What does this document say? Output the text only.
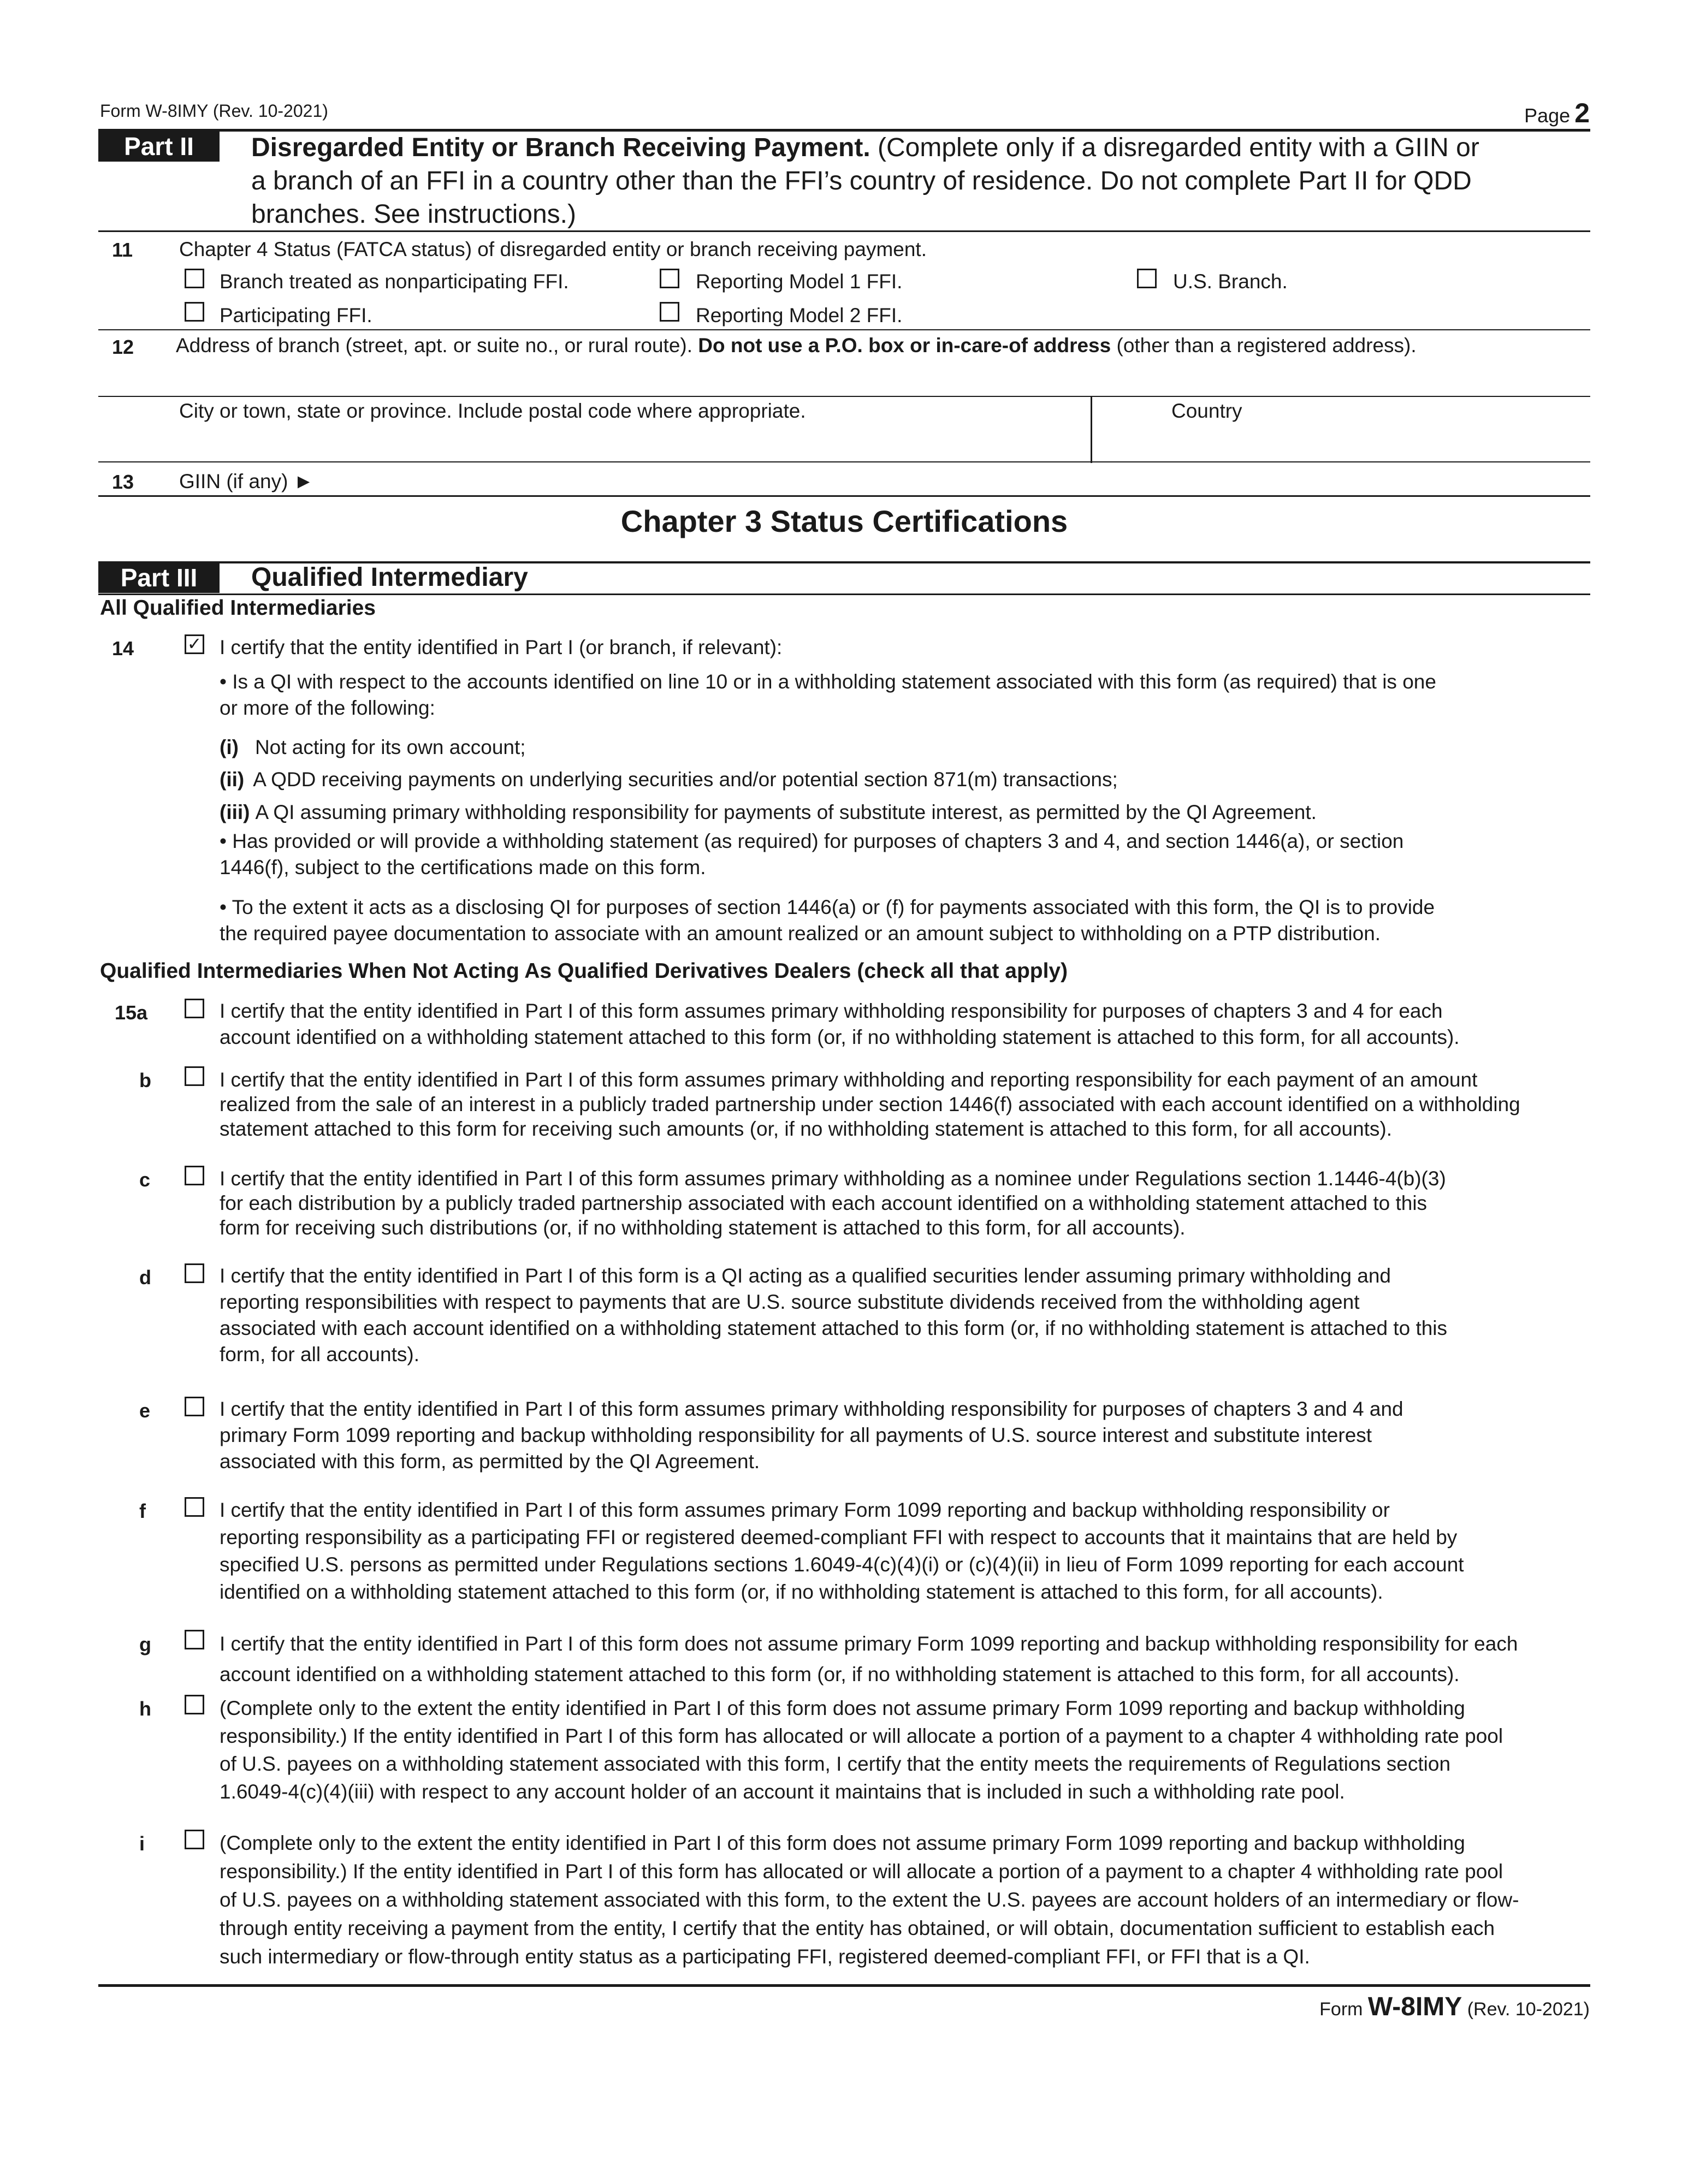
Form W-8IMY (Rev. 10-2021)	Page 2
Part II	Disregarded Entity or Branch Receiving Payment. (Complete only if a disregarded entity with a GIIN or
a branch of an FFI in a country other than the FFI’s country of residence. Do not complete Part II for QDD
branches. See instructions.)
11 Chapter 4 Status (FATCA status) of disregarded entity or branch receiving payment.
Branch treated as nonparticipating FFI.	Reporting Model 1 FFI.	U.S. Branch.
Participating FFI.	Reporting Model 2 FFI.
12 Address of branch (street, apt. or suite no., or rural route). Do not use a P.O. box or in-care-of address (other than a registered address).
City or town, state or province. Include postal code where appropriate.	Country
13 GIIN (if any) ►
Chapter 3 Status Certifications
Part III	Qualified Intermediary
All Qualified Intermediaries
14	✓ I certify that the entity identified in Part I (or branch, if relevant):
• Is a QI with respect to the accounts identified on line 10 or in a withholding statement associated with this form (as required) that is one
or more of the following:
(i) Not acting for its own account;
(ii) A QDD receiving payments on underlying securities and/or potential section 871(m) transactions;
(iii) A QI assuming primary withholding responsibility for payments of substitute interest, as permitted by the QI Agreement.
• Has provided or will provide a withholding statement (as required) for purposes of chapters 3 and 4, and section 1446(a), or section
1446(f), subject to the certifications made on this form.
• To the extent it acts as a disclosing QI for purposes of section 1446(a) or (f) for payments associated with this form, the QI is to provide
the required payee documentation to associate with an amount realized or an amount subject to withholding on a PTP distribution.
Qualified Intermediaries When Not Acting As Qualified Derivatives Dealers (check all that apply)
15a	I certify that the entity identified in Part I of this form assumes primary withholding responsibility for purposes of chapters 3 and 4 for each
account identified on a withholding statement attached to this form (or, if no withholding statement is attached to this form, for all accounts).
b	I certify that the entity identified in Part I of this form assumes primary withholding and reporting responsibility for each payment of an amount
realized from the sale of an interest in a publicly traded partnership under section 1446(f) associated with each account identified on a withholding
statement attached to this form for receiving such amounts (or, if no withholding statement is attached to this form, for all accounts).
c	I certify that the entity identified in Part I of this form assumes primary withholding as a nominee under Regulations section 1.1446-4(b)(3)
for each distribution by a publicly traded partnership associated with each account identified on a withholding statement attached to this
form for receiving such distributions (or, if no withholding statement is attached to this form, for all accounts).
d	I certify that the entity identified in Part I of this form is a QI acting as a qualified securities lender assuming primary withholding and
reporting responsibilities with respect to payments that are U.S. source substitute dividends received from the withholding agent
associated with each account identified on a withholding statement attached to this form (or, if no withholding statement is attached to this
form, for all accounts).
e	I certify that the entity identified in Part I of this form assumes primary withholding responsibility for purposes of chapters 3 and 4 and
primary Form 1099 reporting and backup withholding responsibility for all payments of U.S. source interest and substitute interest
associated with this form, as permitted by the QI Agreement.
f	I certify that the entity identified in Part I of this form assumes primary Form 1099 reporting and backup withholding responsibility or
reporting responsibility as a participating FFI or registered deemed-compliant FFI with respect to accounts that it maintains that are held by
specified U.S. persons as permitted under Regulations sections 1.6049-4(c)(4)(i) or (c)(4)(ii) in lieu of Form 1099 reporting for each account
identified on a withholding statement attached to this form (or, if no withholding statement is attached to this form, for all accounts).
g	I certify that the entity identified in Part I of this form does not assume primary Form 1099 reporting and backup withholding responsibility for each
account identified on a withholding statement attached to this form (or, if no withholding statement is attached to this form, for all accounts).
h	(Complete only to the extent the entity identified in Part I of this form does not assume primary Form 1099 reporting and backup withholding
responsibility.) If the entity identified in Part I of this form has allocated or will allocate a portion of a payment to a chapter 4 withholding rate pool
of U.S. payees on a withholding statement associated with this form, I certify that the entity meets the requirements of Regulations section
1.6049-4(c)(4)(iii) with respect to any account holder of an account it maintains that is included in such a withholding rate pool.
i	(Complete only to the extent the entity identified in Part I of this form does not assume primary Form 1099 reporting and backup withholding
responsibility.) If the entity identified in Part I of this form has allocated or will allocate a portion of a payment to a chapter 4 withholding rate pool
of U.S. payees on a withholding statement associated with this form, to the extent the U.S. payees are account holders of an intermediary or flow-
through entity receiving a payment from the entity, I certify that the entity has obtained, or will obtain, documentation sufficient to establish each
such intermediary or flow-through entity status as a participating FFI, registered deemed-compliant FFI, or FFI that is a QI.
Form W-8IMY (Rev. 10-2021)
